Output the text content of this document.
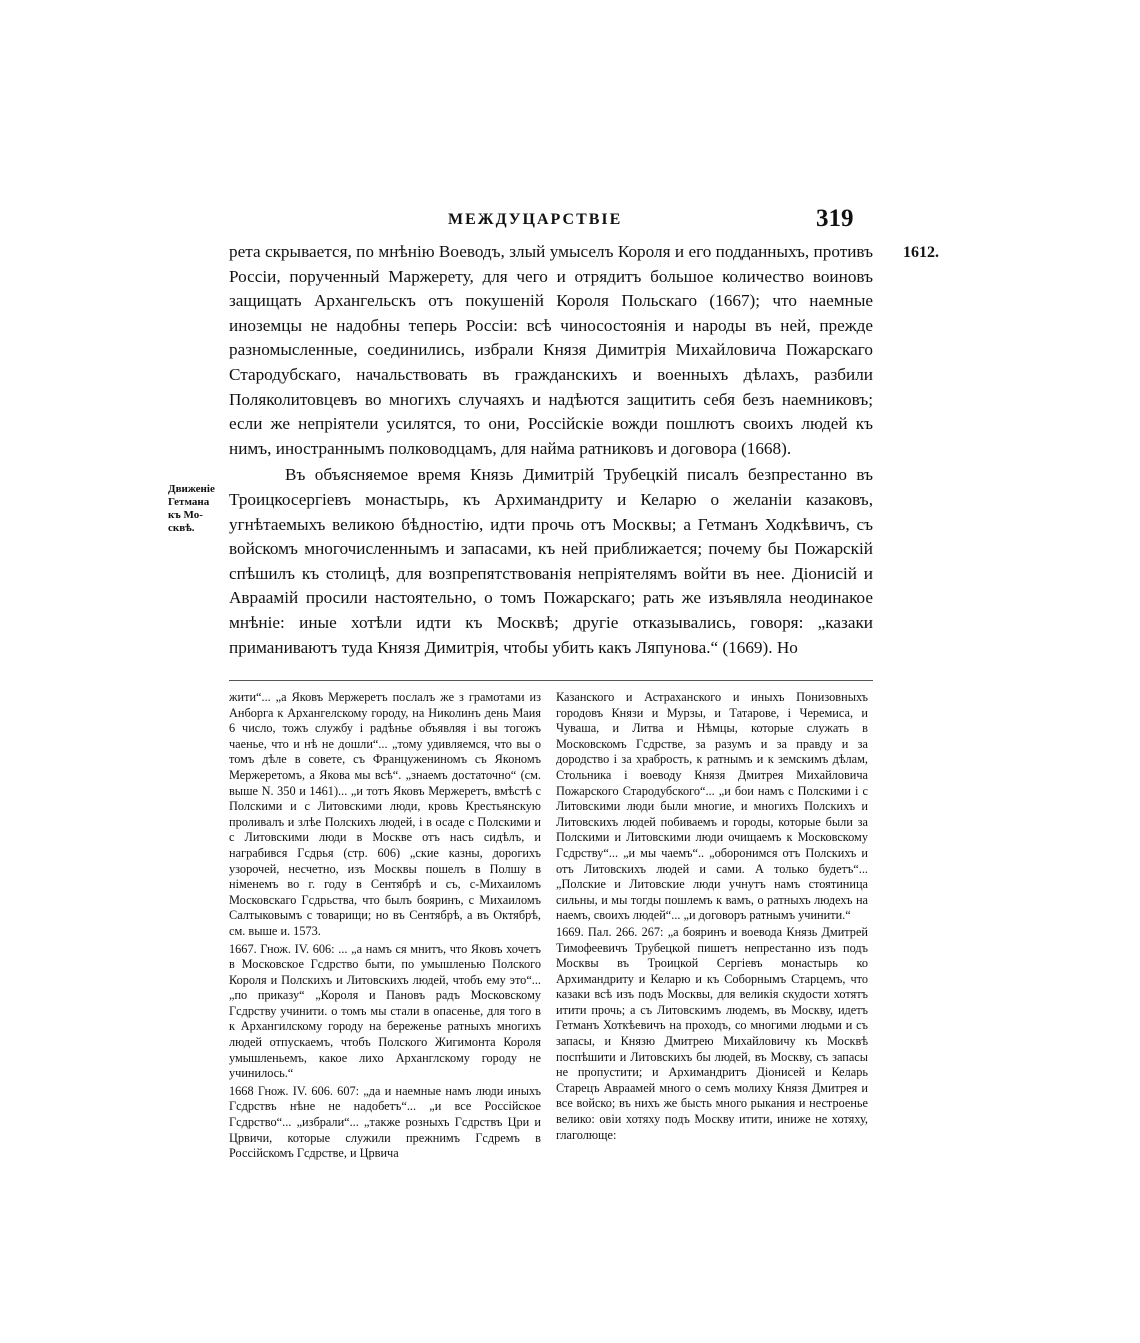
МЕЖДУЦАРСТВІЕ	319
1612.
Движеніе Гетмана къ Мо-сквѣ.

рета скрывается, по мнѣнію Воеводъ, злый умыселъ Короля и его подданныхъ, противъ Россіи, порученный Маржерету, для чего и отрядитъ большое количество воиновъ защищать Архангельскъ отъ покушеній Короля Польскаго (1667); что наемные иноземцы не надобны теперь Россіи: всѣ чиносостоянія и народы въ ней, прежде разномысленные, соединились, избрали Князя Димитрія Михайловича Пожарскаго Стародубскаго, начальствовать въ гражданскихъ и военныхъ дѣлахъ, разбили Поляколитовцевъ во многихъ случаяхъ и надѣются защитить себя безъ наемниковъ; если же непріятели усилятся, то они, Россійскіе вожди пошлютъ своихъ людей къ нимъ, иностраннымъ полководцамъ, для найма ратниковъ и договора (1668).

Въ объясняемое время Князь Димитрій Трубецкій писалъ безпрестанно въ Троицкосергіевъ монастырь, къ Архимандриту и Келарю о желаніи казаковъ, угнѣтаемыхъ великою бѣдностію, идти прочь отъ Москвы; а Гетманъ Ходкѣвичъ, съ войскомъ многочисленнымъ и запасами, къ ней приближается; почему бы Пожарскій спѣшилъ къ столицѣ, для возпрепятствованія непріятелямъ войти въ нее. Діонисій и Авраамій просили настоятельно, о томъ Пожарскаго; рать же изъявляла неодинакое мнѣніе: иные хотѣли идти къ Москвѣ; другіе отказывались, говоря: „казаки приманиваютъ туда Князя Димитрія, чтобы убить какъ Ляпунова.“ (1669). Но

жити“... „а Яковъ Мержеретъ послалъ же з грамотами из Анборга к Архангелскому городу, на Николинъ день Маия 6 число, тожъ службу і радѣнье объявляя і вы тогожъ чаенье, что и нѣ не дошли“... „тому удивляемся, что вы о томъ дѣле в совете, съ Францужениномъ съ Якономъ Мержеретомъ, а Якова мы всѣ“. „знаемъ достаточно“ (см. выше N. 350 и 1461)... „и тотъ Яковъ Мержеретъ, вмѣстѣ с Полскими и с Литовскими люди, кровь Крестьянскую проливалъ и злѣе Полскихъ людей, і в осаде с Полскими и с Литовскими люди в Москве отъ насъ сидѣлъ, и награбився Гсдрья (стр. 606) „ские казны, дорогихъ узорочей, несчетно, изъ Москвы пошелъ в Полшу в німенемъ во г. году в Сентябрѣ и съ, с-Михаиломъ Московскаго Гсдрьства, что былъ бояринъ, с Михаиломъ Салтыковымъ с товарищи; но въ Сентябрѣ, а въ Октябрѣ, см. выше и. 1573.

1667. Гнож. IV. 606: ... „а намъ ся мнитъ, что Яковъ хочетъ в Московское Гсдрство быти, по умышленью Полского Короля и Полскихъ и Литовскихъ людей, чтобъ ему это“... „по приказу“ „Короля и Пановъ радъ Московскому Гсдрству учинити. о томъ мы стали в опасенье, для того в к Архангилскому городу на береженье ратныхъ многихъ людей отпускаемъ, чтобъ Полского Жигимонта Короля умышленьемъ, какое лихо Арханглскому городу не учинилось.“

1668 Гнож. IV. 606. 607: „да и наемные намъ люди иныхъ Гсдрствъ нѣне не надобетъ“... „и все Россійское Гсдрство“... „избрали“... „также розныхъ Гсдрствъ Цри и Црвичи, которые служили прежнимъ Гсдремъ в Россійскомъ Гсдрстве, и Црвича

Казанского и Астраханского и иныхъ Понизовныхъ городовъ Князи и Мурзы, и Татарове, і Черемиса, и Чуваша, и Литва и Нѣмцы, которые служать в Московскомъ Гсдрстве, за разумъ и за правду и за дородство і за храбрость, к ратнымъ и к земскимъ дѣлам, Стольника і воеводу Князя Дмитрея Михайловича Пожарского Стародубского“... „и бои намъ с Полскими і с Литовскими люди были многие, и многихъ Полскихъ и Литовскихъ людей побиваемъ и городы, которые были за Полскими и Литовскими люди очищаемъ к Московскому Гсдрству“... „и мы чаемъ“.. „оборонимся отъ Полскихъ и отъ Литовскихъ людей и сами. А только будетъ“... „Полские и Литовские люди учнутъ намъ стоятиница сильны, и мы тогды пошлемъ к вамъ, о ратныхъ людехъ на наемъ, своихъ людей“... „и договоръ ратнымъ учинити.“

1669. Пал. 266. 267: „а бояринъ и воевода Князь Дмитрей Тимофеевичъ Трубецкой пишетъ непрестанно изъ подъ Москвы въ Троицкой Сергіевъ монастырь ко Архимандриту и Келарю и къ Соборнымъ Старцемъ, что казаки всѣ изъ подъ Москвы, для великія скудости хотятъ итити прочь; а съ Литовскимъ людемъ, въ Москву, идетъ Гетманъ Хоткѣевичъ на проходъ, со многими людьми и съ запасы, и Князю Дмитрею Михайловичу къ Москвѣ поспѣшити и Литовскихъ бы людей, въ Москву, съ запасы не пропустити; и Архимандритъ Діонисей и Келарь Старецъ Авраамей много о семъ молиху Князя Дмитрея и все войско; въ нихъ же бысть много рыкания и нестроенье велико: овіи хотяху подъ Москву итити, иниже не хотяху, глаголюще:
